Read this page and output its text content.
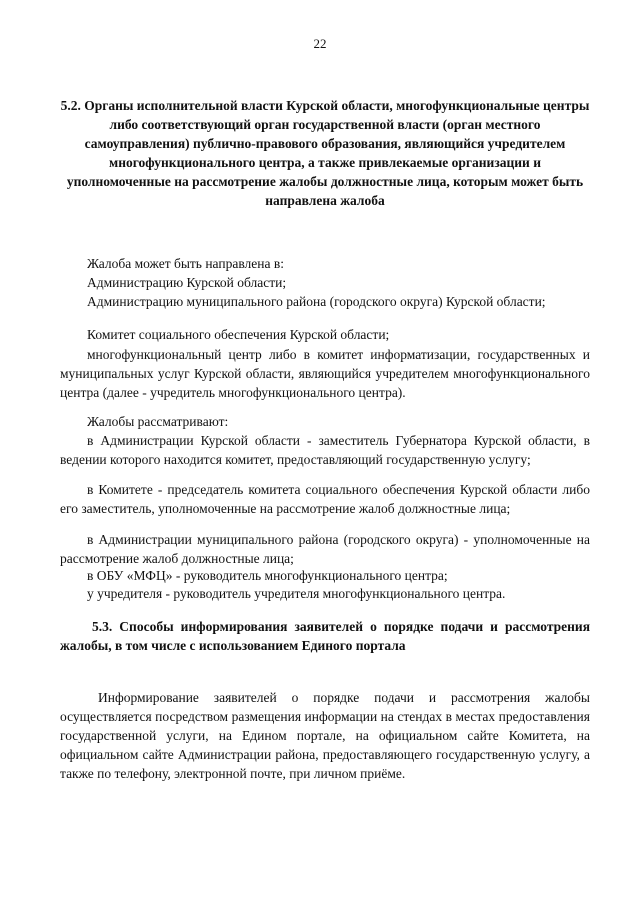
22
5.2. Органы исполнительной власти Курской области, многофункциональные центры либо соответствующий орган государственной власти (орган местного самоуправления) публично-правового образования, являющийся учредителем многофункционального центра, а также привлекаемые организации и уполномоченные на рассмотрение жалобы должностные лица, которым может быть направлена жалоба

Жалоба может быть направлена в:

Администрацию Курской области;

Администрацию муниципального района (городского округа) Курской области;

Комитет социального обеспечения Курской области;

многофункциональный центр либо в комитет информатизации, государственных и муниципальных услуг Курской области, являющийся учредителем многофункционального центра (далее - учредитель многофункционального центра).

Жалобы рассматривают:

в Администрации Курской области - заместитель Губернатора Курской области, в ведении которого находится комитет, предоставляющий государственную услугу;

в Комитете - председатель комитета социального обеспечения Курской области либо его заместитель, уполномоченные на рассмотрение жалоб должностные лица;

в Администрации муниципального района (городского округа) - уполномоченные на рассмотрение жалоб должностные лица;

в ОБУ «МФЦ» - руководитель многофункционального центра;

у учредителя - руководитель учредителя многофункционального центра.

5.3. Способы информирования заявителей о порядке подачи и рассмотрения жалобы, в том числе с использованием Единого портала

Информирование заявителей о порядке подачи и рассмотрения жалобы осуществляется посредством размещения информации на стендах в местах предоставления государственной услуги, на Едином портале, на официальном сайте Комитета, на официальном сайте Администрации района, предоставляющего государственную услугу, а также по телефону, электронной почте, при личном приёме.
